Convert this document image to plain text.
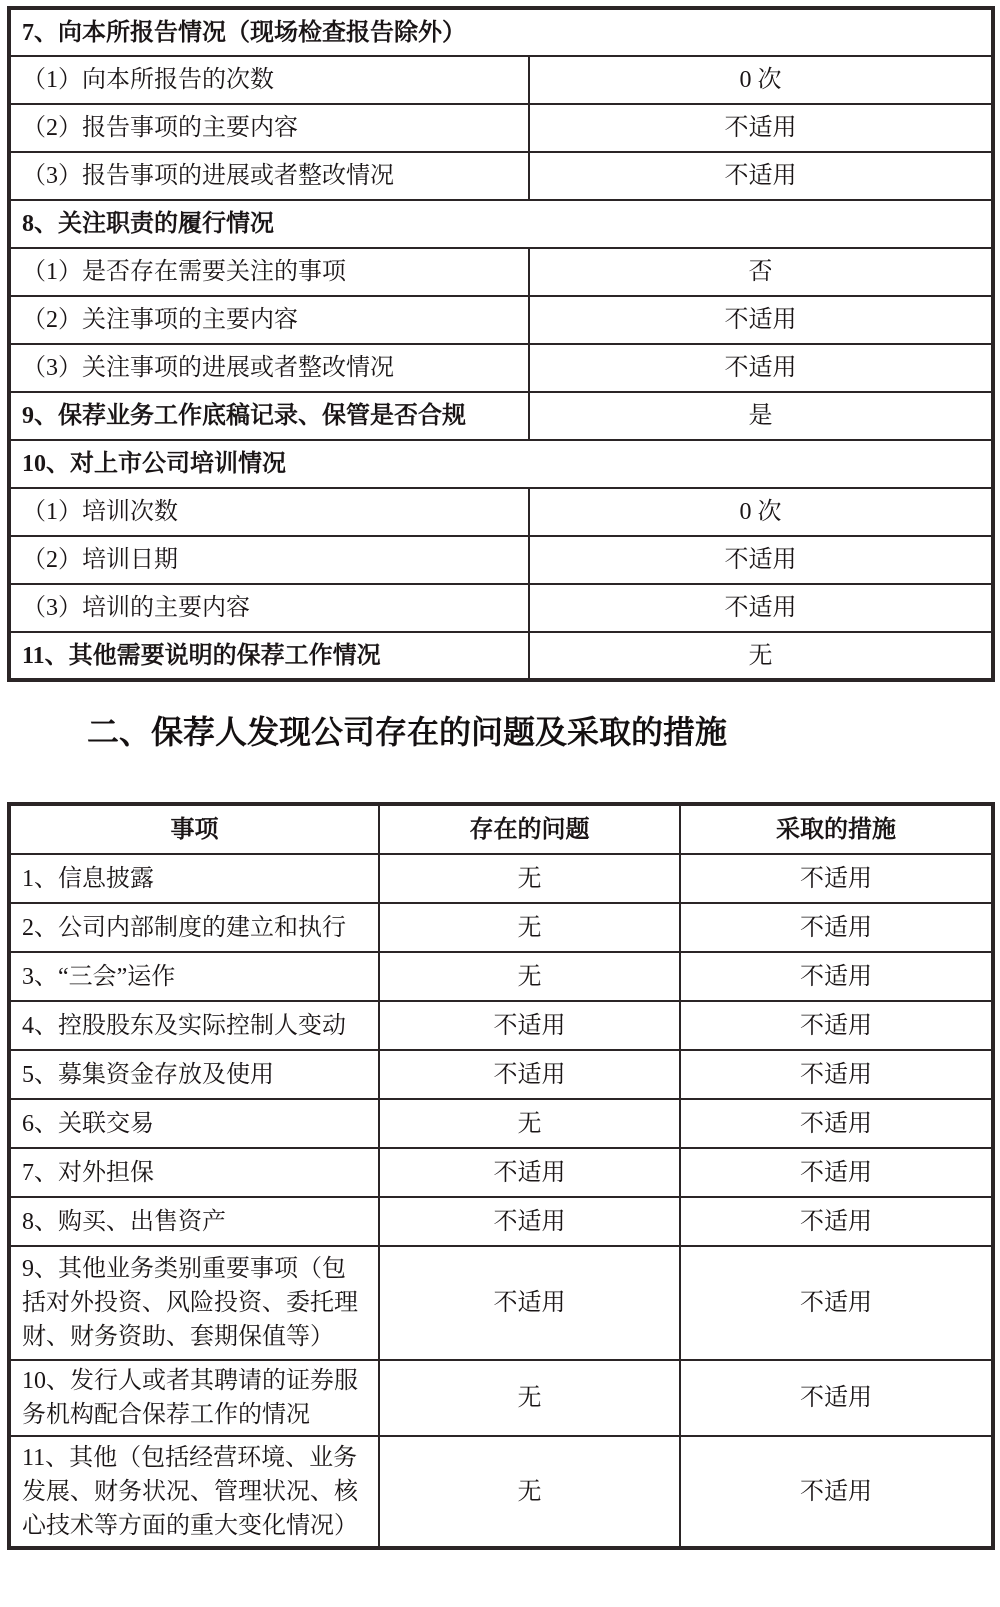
7、向本所报告情况（现场检查报告除外）	
（1）向本所报告的次数	0 次
（2）报告事项的主要内容	不适用
（3）报告事项的进展或者整改情况	不适用
8、关注职责的履行情况	
（1）是否存在需要关注的事项	否
（2）关注事项的主要内容	不适用
（3）关注事项的进展或者整改情况	不适用
9、保荐业务工作底稿记录、保管是否合规	是
10、对上市公司培训情况	
（1）培训次数	0 次
（2）培训日期	不适用
（3）培训的主要内容	不适用
11、其他需要说明的保荐工作情况	无
二、保荐人发现公司存在的问题及采取的措施
事项	存在的问题	采取的措施
1、信息披露	无	不适用
2、公司内部制度的建立和执行	无	不适用
3、“三会”运作	无	不适用
4、控股股东及实际控制人变动	不适用	不适用
5、募集资金存放及使用	不适用	不适用
6、关联交易	无	不适用
7、对外担保	不适用	不适用
8、购买、出售资产	不适用	不适用
9、其他业务类别重要事项（包括对外投资、风险投资、委托理财、财务资助、套期保值等）	不适用	不适用
10、发行人或者其聘请的证券服务机构配合保荐工作的情况	无	不适用
11、其他（包括经营环境、业务发展、财务状况、管理状况、核心技术等方面的重大变化情况）	无	不适用
